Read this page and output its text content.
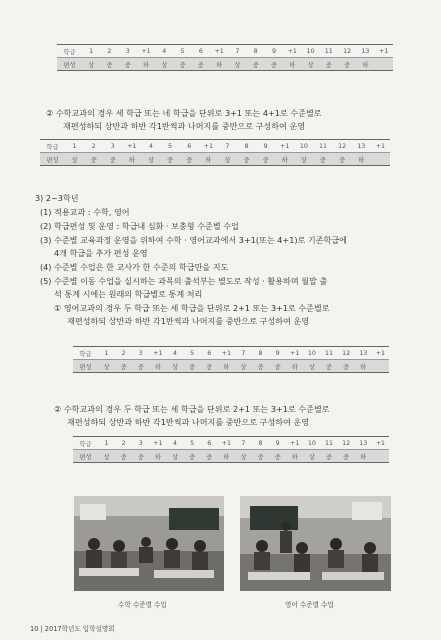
학급	1	2	3	+1	4	5	6	+1	7	8	9	+1	10	11	12	13	+1
편성	상	중	중	하	상	중	중	하	상	중	중	하	상	중	중	하	
② 수학교과의 경우 세 학급 또는 네 학급을 단위로 3+1 또는 4+1로 수준별로
재편성하되 상반과 하반 각1반씩과 나머지를 중반으로 구성하여 운영
학급	1	2	3	+1	4	5	6	+1	7	8	9	+1	10	11	12	13	+1
편성	상	중	중	하	상	중	중	하	상	중	중	하	상	중	중	하	
3) 2~3학년
(1) 적용교과 : 수학, 영어
(2) 학급편성 및 운영 : 학급내 심화 · 보충형 수준별 수업
(3) 수준별 교육과정 운영을 위하여 수학 · 영어교과에서 3+1(또는 4+1)로 기존학급에
4개 학급을 추가 편성 운영
(4) 수준별 수업은 한 교사가 한 수준의 학급만을 지도
(5) 수준별 이동 수업을 실시하는 과목의 출석부는 별도로 작성 · 활용하며 월말 출
석 통계 시에는 원래의 학급별로 통계 처리
① 영어교과의 경우 두 학급 또는 세 학급을 단위로 2+1 또는 3+1로 수준별로
재편성하되 상반과 하반 각1반씩과 나머지를 중반으로 구성하여 운영
학급	1	2	3	+1	4	5	6	+1	7	8	9	+1	10	11	12	13	+1
편성	상	중	중	하	상	중	중	하	상	중	중	하	상	중	중	하	
② 수학교과의 경우 두 학급 또는 세 학급을 단위로 2+1 또는 3+1로 수준별로
재편성하되 상반과 하반 각1반씩과 나머지를 중반으로 구성하여 운영
학급	1	2	3	+1	4	5	6	+1	7	8	9	+1	10	11	12	13	+1
편성	상	중	중	하	상	중	중	하	상	중	중	하	상	중	중	하	
수학 수준별 수업	영어 수준별 수업
10 | 2017학년도 입학설명회
